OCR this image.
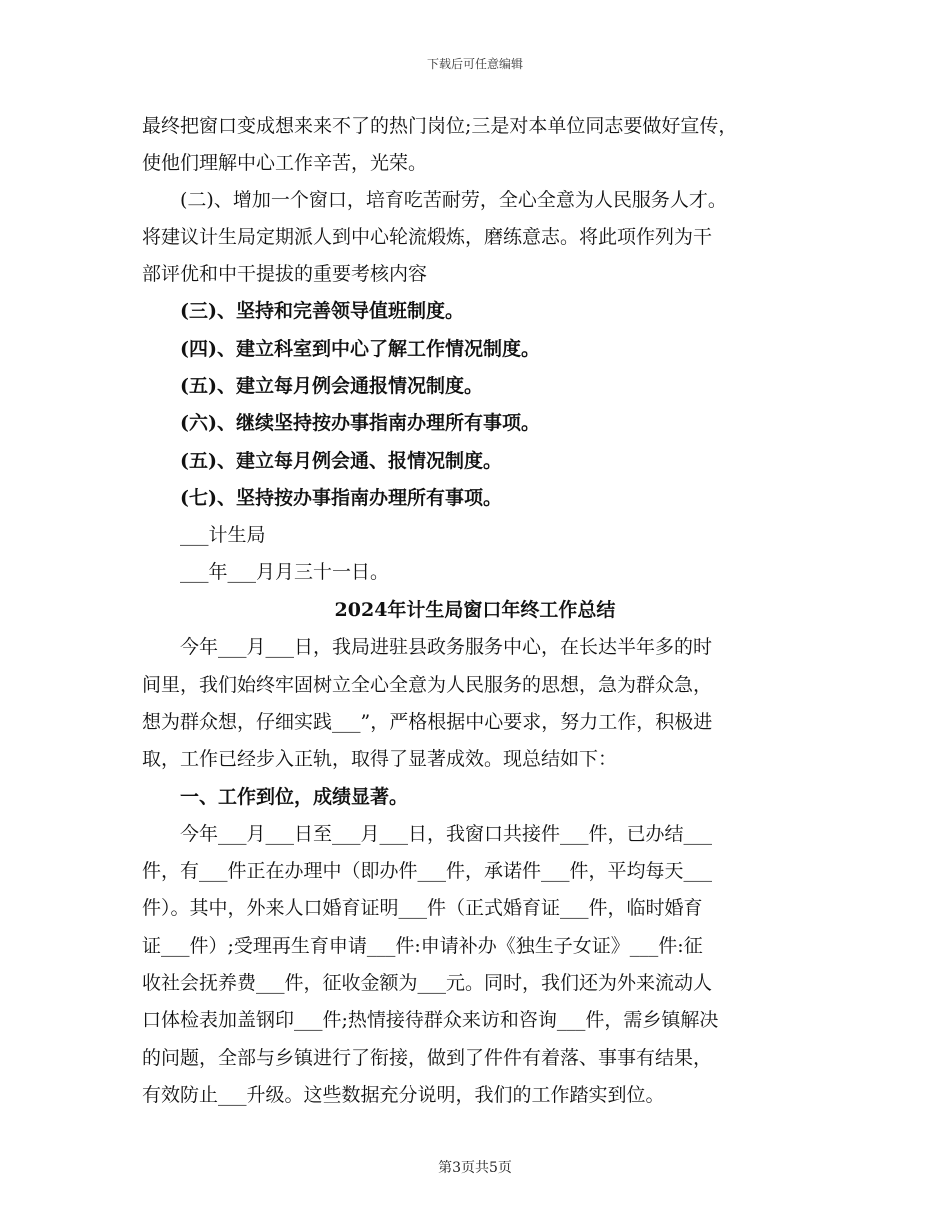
下载后可任意编辑
最终把窗口变成想来来不了的热门岗位;三是对本单位同志要做好宣传，
使他们理解中心工作辛苦，光荣。
　　(二)、增加一个窗口，培育吃苦耐劳，全心全意为人民服务人才。
将建议计生局定期派人到中心轮流煅炼，磨练意志。将此项作列为干
部评优和中干提拔的重要考核内容
　　(三)、坚持和完善领导值班制度。
　　(四)、建立科室到中心了解工作情况制度。
　　(五)、建立每月例会通报情况制度。
　　(六)、继续坚持按办事指南办理所有事项。
　　(五)、建立每月例会通、报情况制度。
　　(七)、坚持按办事指南办理所有事项。
　　___计生局
　　___年___月月三十一日。
2024年计生局窗口年终工作总结
　　今年___月___日，我局进驻县政务服务中心，在长达半年多的时
间里，我们始终牢固树立全心全意为人民服务的思想，急为群众急，
想为群众想，仔细实践___”，严格根据中心要求，努力工作，积极进
取，工作已经步入正轨，取得了显著成效。现总结如下：
　　一、工作到位，成绩显著。
　　今年___月___日至___月___日，我窗口共接件___件，已办结___
件，有___件正在办理中（即办件___件，承诺件___件，平均每天___
件）。其中，外来人口婚育证明___件（正式婚育证___件，临时婚育
证___件）;受理再生育申请___件:申请补办《独生子女证》___件:征
收社会抚养费___件，征收金额为___元。同时，我们还为外来流动人
口体检表加盖钢印___件;热情接待群众来访和咨询___件，需乡镇解决
的问题，全部与乡镇进行了衔接，做到了件件有着落、事事有结果，
有效防止___升级。这些数据充分说明，我们的工作踏实到位。
第3页共5页
